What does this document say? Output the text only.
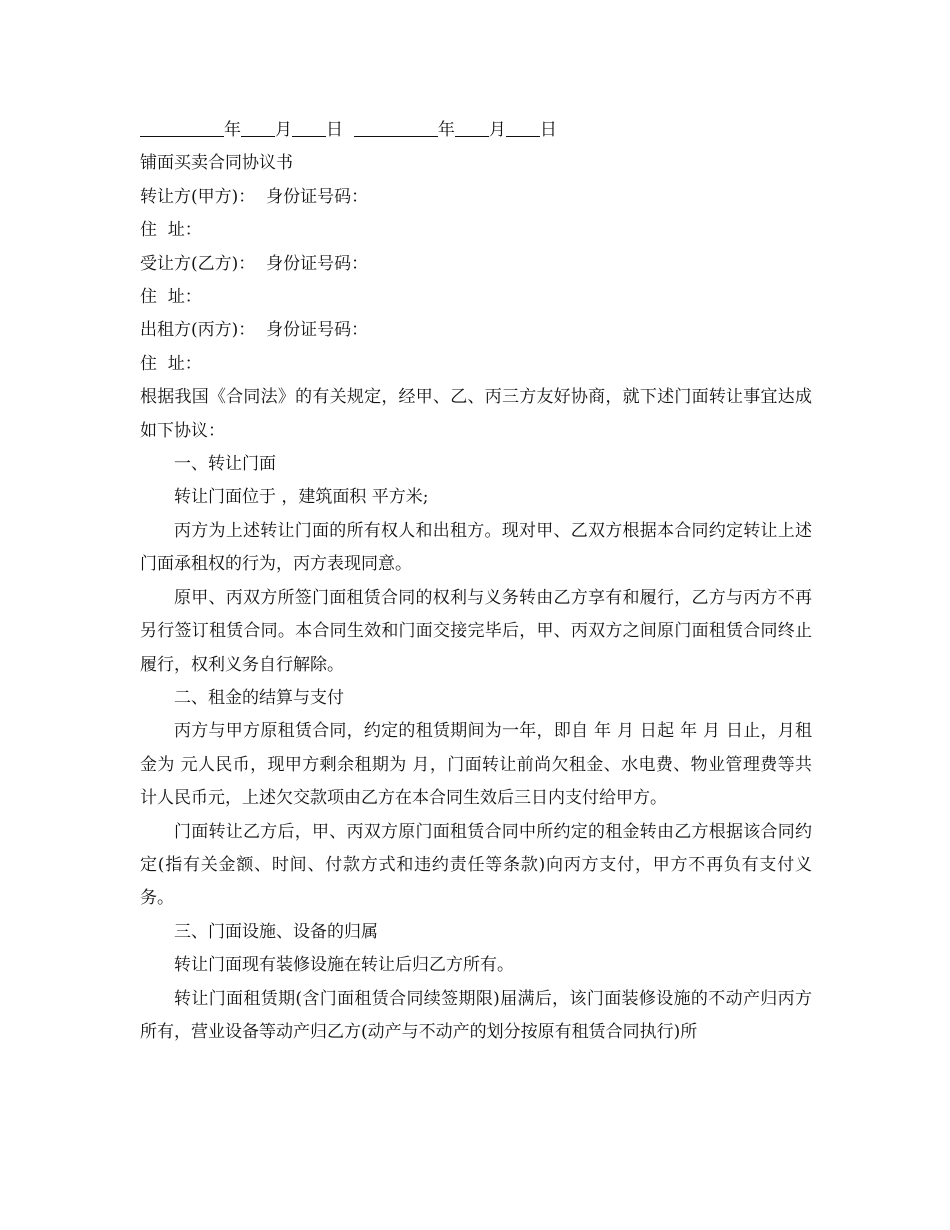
年 月 日	年 月 日
铺面买卖合同协议书
转让方(甲方)： 身份证号码：
住  址：
受让方(乙方)： 身份证号码：
住  址：
出租方(丙方)： 身份证号码：
住  址：
根据我国《合同法》的有关规定，经甲、乙、丙三方友好协商，就下述门面转让事宜达成如下协议：
一、转让门面
转让门面位于 ，建筑面积 平方米;
丙方为上述转让门面的所有权人和出租方。现对甲、乙双方根据本合同约定转让上述门面承租权的行为，丙方表现同意。
原甲、丙双方所签门面租赁合同的权利与义务转由乙方享有和履行，乙方与丙方不再另行签订租赁合同。本合同生效和门面交接完毕后，甲、丙双方之间原门面租赁合同终止履行，权利义务自行解除。
二、租金的结算与支付
丙方与甲方原租赁合同，约定的租赁期间为一年，即自 年 月 日起 年 月 日止，月租金为 元人民币，现甲方剩余租期为 月，门面转让前尚欠租金、水电费、物业管理费等共计人民币元，上述欠交款项由乙方在本合同生效后三日内支付给甲方。
门面转让乙方后，甲、丙双方原门面租赁合同中所约定的租金转由乙方根据该合同约定(指有关金额、时间、付款方式和违约责任等条款)向丙方支付，甲方不再负有支付义务。
三、门面设施、设备的归属
转让门面现有装修设施在转让后归乙方所有。
转让门面租赁期(含门面租赁合同续签期限)届满后，该门面装修设施的不动产归丙方所有，营业设备等动产归乙方(动产与不动产的划分按原有租赁合同执行)所
